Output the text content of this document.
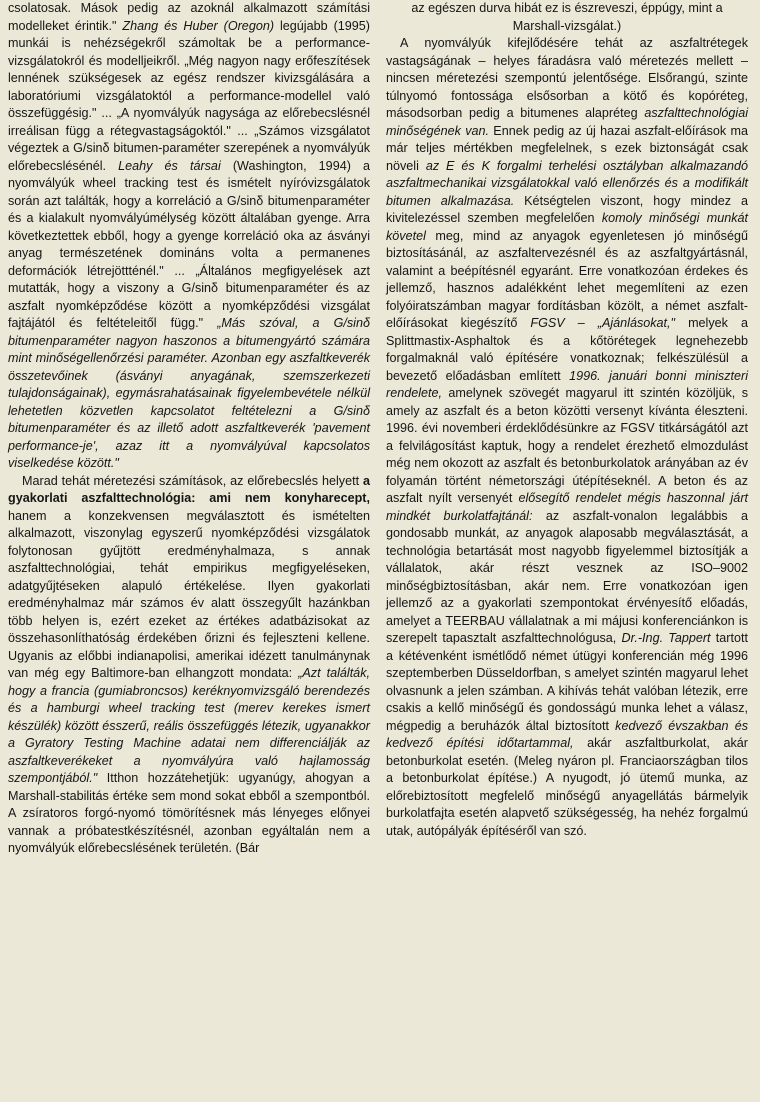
csolatosak. Mások pedig az azoknál alkalmazott számítási modelleket érintik." Zhang és Huber (Oregon) legújabb (1995) munkái is nehézségekről számoltak be a performance-vizsgálatokról és modelljeikről. „Még nagyon nagy erőfeszítések lennének szükségesek az egész rendszer kivizsgálására a laboratóriumi vizsgálatoktól a performance-modellel való összefüggésig." ... „A nyomvályúk nagysága az előrebecslésnél irreálisan függ a rétegvastagságoktól." ... „Számos vizsgálatot végeztek a G/sinδ bitumen-paraméter szerepének a nyomvályúk előrebecslésénél. Leahy és társai (Washington, 1994) a nyomvályúk wheel tracking test és ismételt nyíróvizsgálatok során azt találták, hogy a korreláció a G/sinδ bitumenparaméter és a kialakult nyomvályúmélység között általában gyenge. Arra következtettek ebből, hogy a gyenge korreláció oka az ásványi anyag természetének domináns volta a permanenes deformációk létrejöttténél." ... „Általános megfigyelések azt mutatták, hogy a viszony a G/sinδ bitumenparaméter és az aszfalt nyomképződése között a nyomképződési vizsgálat fajtájától és feltételeitől függ." „Más szóval, a G/sinδ bitumenparaméter nagyon haszonos a bitumengyártó számára mint minőségellenőrzési paraméter. Azonban egy aszfaltkeverék összetevőinek (ásványi anyagának, szemszerkezeti tulajdonságainak), egymásrahatásainak figyelembevétele nélkül lehetetlen közvetlen kapcsolatot feltételezni a G/sinδ bitumenparaméter és az illető adott aszfaltkeverék 'pavement performance-je', azaz itt a nyomvályúval kapcsolatos viselkedése között."

Marad tehát méretezési számítások, az előrebecslés helyett a gyakorlati aszfalttechnológia: ami nem konyharecept, hanem a konzekvensen megválasztott és ismételten alkalmazott, viszonylag egyszerű nyomképződési vizsgálatok folytonosan gyűjtött eredményhalmaza, s annak aszfalttechnológiai, tehát empirikus megfigyeléseken, adatgyűjtéseken alapuló értékelése. Ilyen gyakorlati eredményhalmaz már számos év alatt összegyűlt hazánkban több helyen is, ezért ezeket az értékes adatbázisokat az összehasonlíthatóság érdekében őrizni és fejleszteni kellene. Ugyanis az előbbi indianapolisi, amerikai idézett tanulmánynak van még egy Baltimore-ban elhangzott mondata: „Azt találták, hogy a francia (gumiabroncsos) keréknyomvizsgáló berendezés és a hamburgi wheel tracking test (merev kerekes ismert készülék) között ésszerű, reális összefüggés létezik, ugyanakkor a Gyratory Testing Machine adatai nem differenciálják az aszfaltkeverékeket a nyomvályúra való hajlamosság szempontjából." Itthon hozzátehetjük: ugyanúgy, ahogyan a Marshall-stabilitás értéke sem mond sokat ebből a szempontból. A zsíratoros forgó-nyomó tömörítésnek más lényeges előnyei vannak a próbatestkészítésnél, azonban egyáltalán nem a nyomvályúk előrebecslésének területén. (Bár

az egészen durva hibát ez is észreveszi, éppúgy, mint a Marshall-vizsgálat.)

A nyomvályúk kifejlődésére tehát az aszfaltrétegek vastagságának – helyes fáradásra való méretezés mellett – nincsen méretezési szempontú jelentősége. Elsőrangú, szinte túlnyomó fontossága elsősorban a kötő és kopóréteg, másodsorban pedig a bitumenes alapréteg aszfalttechnológiai minőségének van. Ennek pedig az új hazai aszfalt-előírások ma már teljes mértékben megfelelnek, s ezek biztonságát csak növeli az E és K forgalmi terhelési osztályban alkalmazandó aszfaltmechanikai vizsgálatokkal való ellenőrzés és a modifikált bitumen alkalmazása. Kétségtelen viszont, hogy mindez a kivitelezéssel szemben megfelelően komoly minőségi munkát követel meg, mind az anyagok egyenletesen jó minőségű biztosításánál, az aszfaltervezésnél és az aszfaltgyártásnál, valamint a beépítésnél egyaránt. Erre vonatkozóan érdekes és jellemző, hasznos adalékként lehet megemlíteni az ezen folyóiratszámban magyar fordításban közölt, a német aszfalt-előírásokat kiegészítő FGSV – „Ajánlásokat," melyek a Splittmastix-Asphaltok és a kőtörétegek legnehezebb forgalmaknál való építésére vonatkoznak; felkészülésül a bevezető előadásban említett 1996. januári bonni miniszteri rendelete, amelynek szövegét magyarul itt szintén közöljük, s amely az aszfalt és a beton közötti versenyt kívánta éleszteni. 1996. évi novemberi érdeklődésünkre az FGSV titkárságától azt a felvilágosítást kaptuk, hogy a rendelet érezhető elmozdulást még nem okozott az aszfalt és betonburkolatok arányában az év folyamán történt németországi útépítéseknél. A beton és az aszfalt nyílt versenyét elősegítő rendelet mégis haszonnal járt mindkét burkolatfajtánál: az aszfalt-vonalon legalábbis a gondosabb munkát, az anyagok alaposabb megválasztását, a technológia betartását most nagyobb figyelemmel biztosítják a vállalatok, akár részt vesznek az ISO–9002 minőségbiztosításban, akár nem. Erre vonatkozóan igen jellemző az a gyakorlati szempontokat érvényesítő előadás, amelyet a TEERBAU vállalatnak a mi májusi konferenciánkon is szerepelt tapasztalt aszfalttechnológusa, Dr.-Ing. Tappert tartott a kétévenként ismétlődő német útügyi konferencián még 1996 szeptemberben Düsseldorfban, s amelyet szintén magyarul lehet olvasnunk a jelen számban. A kihívás tehát valóban létezik, erre csakis a kellő minőségű és gondosságú munka lehet a válasz, mégpedig a beruházók által biztosított kedvező évszakban és kedvező építési időtartammal, akár aszfaltburkolat, akár betonburkolat esetén. (Meleg nyáron pl. Franciaországban tilos a betonburkolat építése.) A nyugodt, jó ütemű munka, az előrebiztosított megfelelő minőségű anyagellátás bármelyik burkolatfajta esetén alapvető szükségesség, ha nehéz forgalmú utak, autópályák építéséről van szó.
